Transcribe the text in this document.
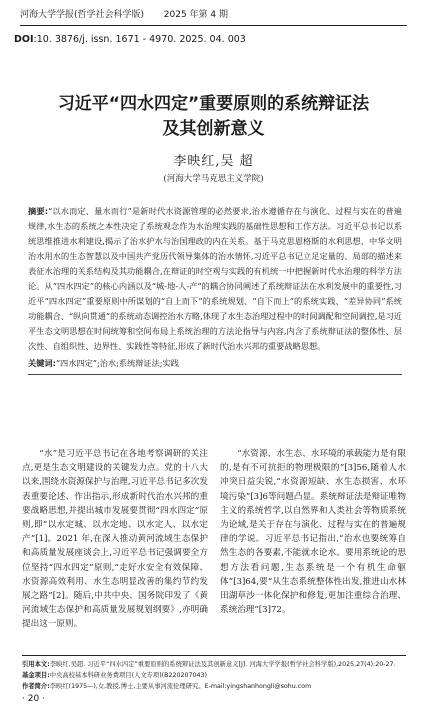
河海大学学报(哲学社会科学版) 2025 年第 4 期
DOI:10. 3876/j. issn. 1671 - 4970. 2025. 04. 003
习近平“四水四定”重要原则的系统辩证法
及其创新意义
李映红,吴 超
(河海大学马克思主义学院)
摘要:“以水而定、量水而行”是新时代水资源管理的必然要求,治水遵循存在与演化、过程与实在的普遍规律,水生态的系统之本性决定了系统观念作为水治理实践的基础性思想和工作方法。习近平总书记以系统思维推进水利建设,揭示了治水护水与治国理政的内在关系。基于马克思恩格斯的水利思想、中华文明治水用水的生态智慧以及中国共产党历代领导集体的治水情怀,习近平总书记立足定量的、局部的描述来表征水治理的关系结构及其功能耦合,在辩证的时空观与实践的有机统一中把握新时代水治理的科学方法论。从“四水四定”的核心内涵以及“城-地-人-产”的耦合协同阐述了系统辩证法在水利发展中的重要性,习近平“四水四定”重要原则中所谋划的“自上而下”的系统规划、“自下而上”的系统实践、“差异协同”系统功能耦合、“纵向贯通”的系统动态调控治水方略,体现了水生态治理过程中的时间调配和空间调控,是习近平生态文明思想在时间统筹和空间布局上系统治理的方法论指导与内容,内含了系统辩证法的整体性、层次性、自组织性、边界性、实践性等特征,形成了新时代治水兴邦的重要战略思想。
关键词:“四水四定”;治水;系统辩证法;实践

“水”是习近平总书记在各地考察调研的关注点,更是生态文明建设的关键发力点。党的十八大以来,围绕水资源保护与治理,习近平总书记多次发表重要论述、作出指示,形成新时代治水兴邦的重要战略思想,并提出城市发展要贯彻“四水四定”原则,即“以水定城、以水定地、以水定人、以水定产”[1]。2021 年,在深入推动黄河流域生态保护和高质量发展座谈会上,习近平总书记强调要全方位坚持“四水四定”原则,“走好水安全有效保障、水资源高效利用、水生态明显改善的集约节约发展之路”[2]。随后,中共中央、国务院印发了《黄河流域生态保护和高质量发展规划纲要》,亦明确提出这一原则。

“水资源、水生态、水环境的承载能力是有限的,是有不可抗拒的物理极限的”[3]56,随着人水冲突日益尖锐,“水资源短缺、水生态损害、水环境污染”[3]6等问题凸显。系统辩证法是辩证唯物主义的系统哲学,以自然界和人类社会等物质系统为论域,是关于存在与演化、过程与实在的普遍规律的学说。习近平总书记指出,“治水也要统筹自然生态的各要素,不能就水论水。要用系统论的思想方法看问题,生态系统是一个有机生命躯体”[3]64,要“从生态系统整体性出发,推进山水林田湖草沙一体化保护和修复,更加注重综合治理、系统治理”[3]72。

引用本文:李映红,吴超. 习近平“四水四定”重要原则的系统辩证法及其创新意义[J]. 河海大学学报(哲学社会科学版),2025,27(4):20-27.
基金项目:中央高校基本科研业务费项目(人文专项)(B220207043)
作者简介:李映红(1975—),女,教授,博士,主要从事河流伦理研究。E-mail:yingshanhongli@sohu.com
· 20 ·
